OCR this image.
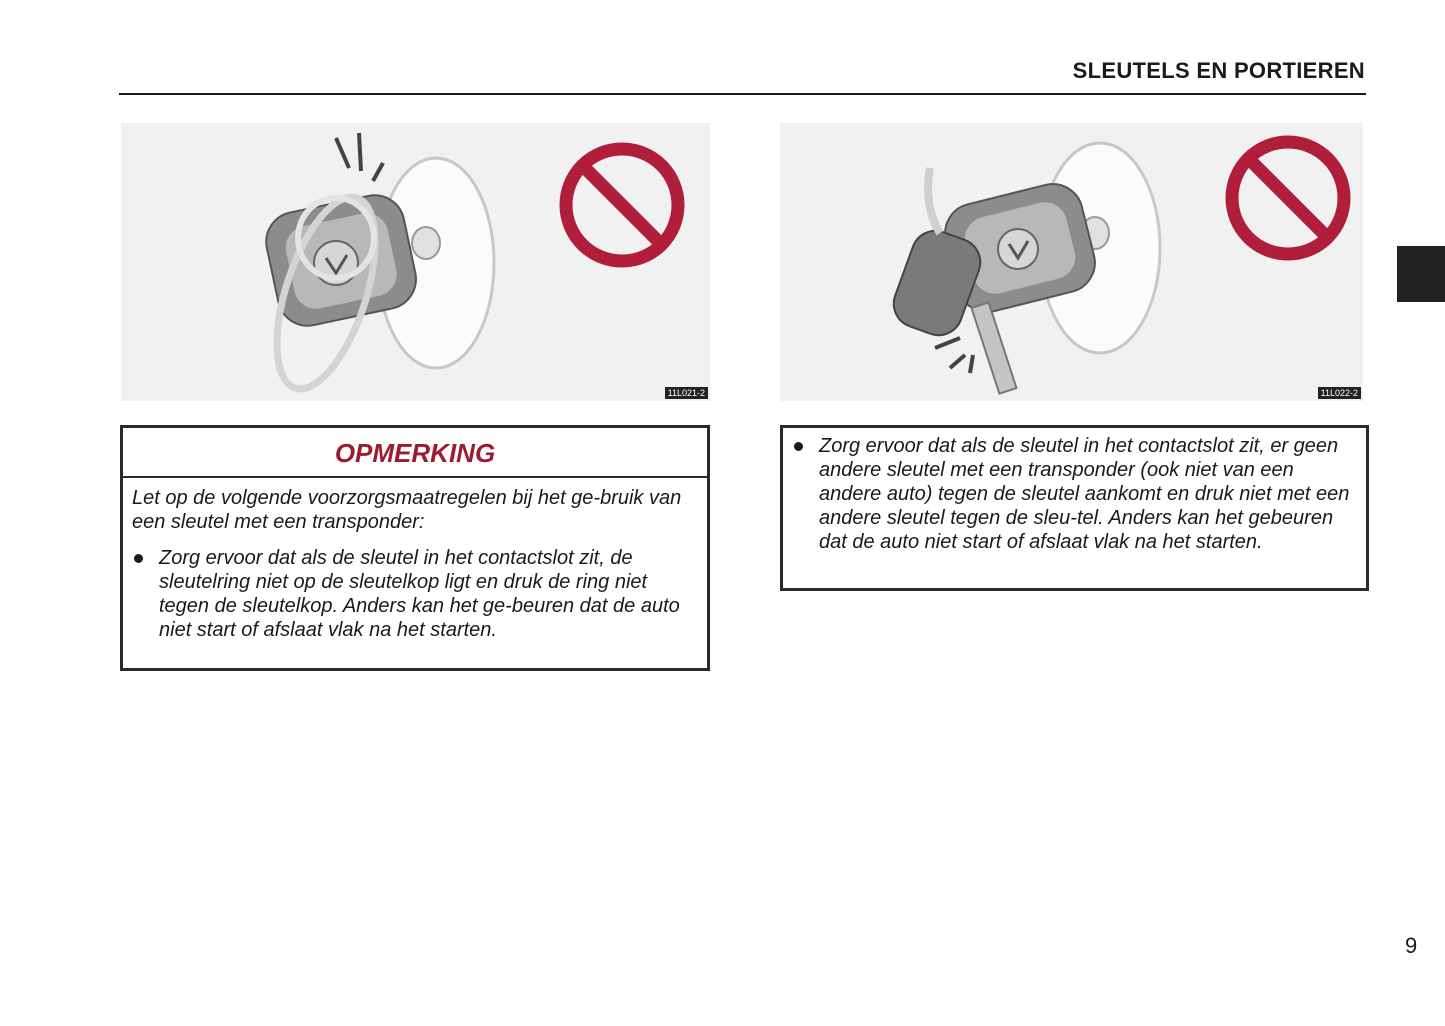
SLEUTELS EN PORTIEREN
11L021-2	11L022-2
OPMERKING
Let op de volgende voorzorgsmaatregelen bij het ge-bruik van een sleutel met een transponder:
Zorg ervoor dat als de sleutel in het contactslot zit, de sleutelring niet op de sleutelkop ligt en druk de ring niet tegen de sleutelkop. Anders kan het ge-beuren dat de auto niet start of afslaat vlak na het starten.
Zorg ervoor dat als de sleutel in het contactslot zit, er geen andere sleutel met een transponder (ook niet van een andere auto) tegen de sleutel aankomt en druk niet met een andere sleutel tegen de sleu-tel. Anders kan het gebeuren dat de auto niet start of afslaat vlak na het starten.
9
